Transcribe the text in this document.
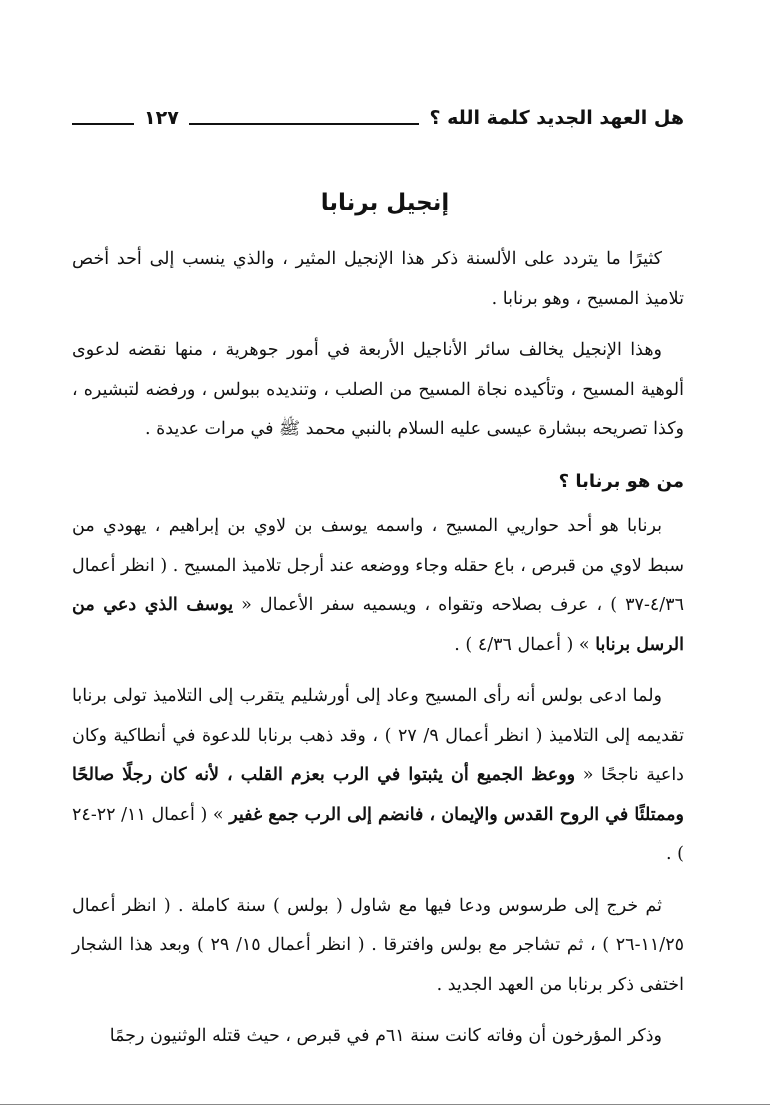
هل العهد الجديد كلمة الله ؟
١٢٧
إنجيل برنابا

كثيرًا ما يتردد على الألسنة ذكر هذا الإنجيل المثير ، والذي ينسب إلى أحد أخص تلاميذ المسيح ، وهو برنابا .

وهذا الإنجيل يخالف سائر الأناجيل الأربعة في أمور جوهرية ، منها نقضه لدعوى ألوهية المسيح ، وتأكيده نجاة المسيح من الصلب ، وتنديده ببولس ، ورفضه لتبشيره ، وكذا تصريحه ببشارة عيسى عليه السلام بالنبي محمد ﷺ في مرات عديدة .

من هو برنابا ؟

برنابا هو أحد حواريي المسيح ، واسمه يوسف بن لاوي بن إبراهيم ، يهودي من سبط لاوي من قبرص ، باع حقله وجاء ووضعه عند أرجل تلاميذ المسيح . ( انظر أعمال ٤/٣٦-٣٧ ) ، عرف بصلاحه وتقواه ، ويسميه سفر الأعمال « يوسف الذي دعي من الرسل برنابا » ( أعمال ٤/٣٦ ) .

ولما ادعى بولس أنه رأى المسيح وعاد إلى أورشليم يتقرب إلى التلاميذ تولى برنابا تقديمه إلى التلاميذ ( انظر أعمال ٩/ ٢٧ ) ، وقد ذهب برنابا للدعوة في أنطاكية وكان داعية ناجحًا « ووعظ الجميع أن يثبتوا في الرب بعزم القلب ، لأنه كان رجلًا صالحًا وممتلئًا في الروح القدس والإيمان ، فانضم إلى الرب جمع غفير » ( أعمال ١١/ ٢٢-٢٤ ) .

ثم خرج إلى طرسوس ودعا فيها مع شاول ( بولس ) سنة كاملة . ( انظر أعمال ١١/٢٥-٢٦ ) ، ثم تشاجر مع بولس وافترقا . ( انظر أعمال ١٥/ ٢٩ ) وبعد هذا الشجار اختفى ذكر برنابا من العهد الجديد .

وذكر المؤرخون أن وفاته كانت سنة ٦١م في قبرص ، حيث قتله الوثنيون رجمًا
